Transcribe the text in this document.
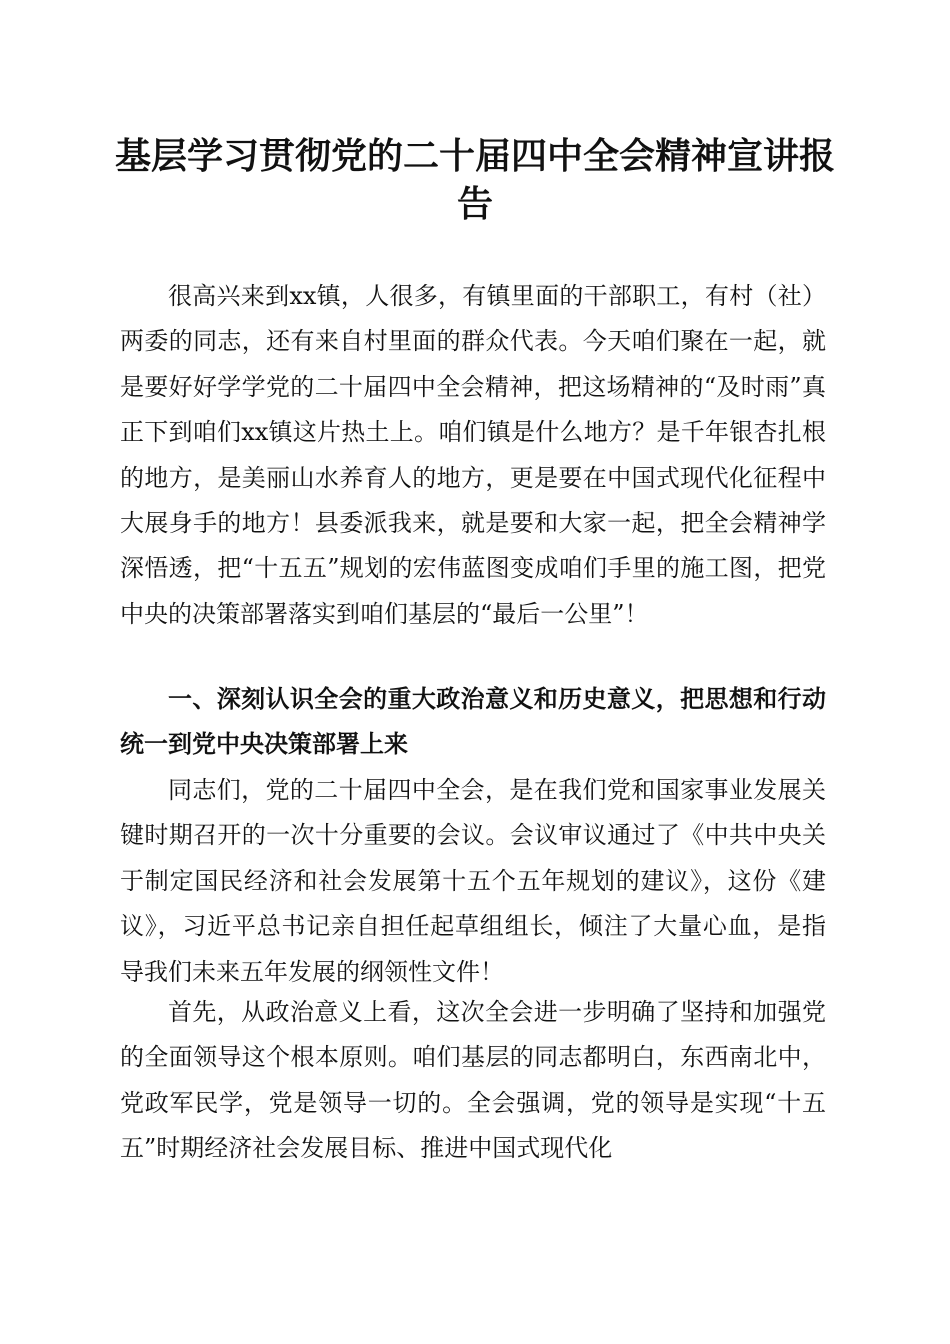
基层学习贯彻党的二十届四中全会精神宣讲报告

很高兴来到xx镇，人很多，有镇里面的干部职工，有村（社）两委的同志，还有来自村里面的群众代表。今天咱们聚在一起，就是要好好学学党的二十届四中全会精神，把这场精神的“及时雨”真正下到咱们xx镇这片热土上。咱们镇是什么地方？是千年银杏扎根的地方，是美丽山水养育人的地方，更是要在中国式现代化征程中大展身手的地方！县委派我来，就是要和大家一起，把全会精神学深悟透，把“十五五”规划的宏伟蓝图变成咱们手里的施工图，把党中央的决策部署落实到咱们基层的“最后一公里”！

一、深刻认识全会的重大政治意义和历史意义，把思想和行动统一到党中央决策部署上来

同志们，党的二十届四中全会，是在我们党和国家事业发展关键时期召开的一次十分重要的会议。会议审议通过了《中共中央关于制定国民经济和社会发展第十五个五年规划的建议》，这份《建议》，习近平总书记亲自担任起草组组长，倾注了大量心血，是指导我们未来五年发展的纲领性文件！

首先，从政治意义上看，这次全会进一步明确了坚持和加强党的全面领导这个根本原则。咱们基层的同志都明白，东西南北中，党政军民学，党是领导一切的。全会强调，党的领导是实现“十五五”时期经济社会发展目标、推进中国式现代化
